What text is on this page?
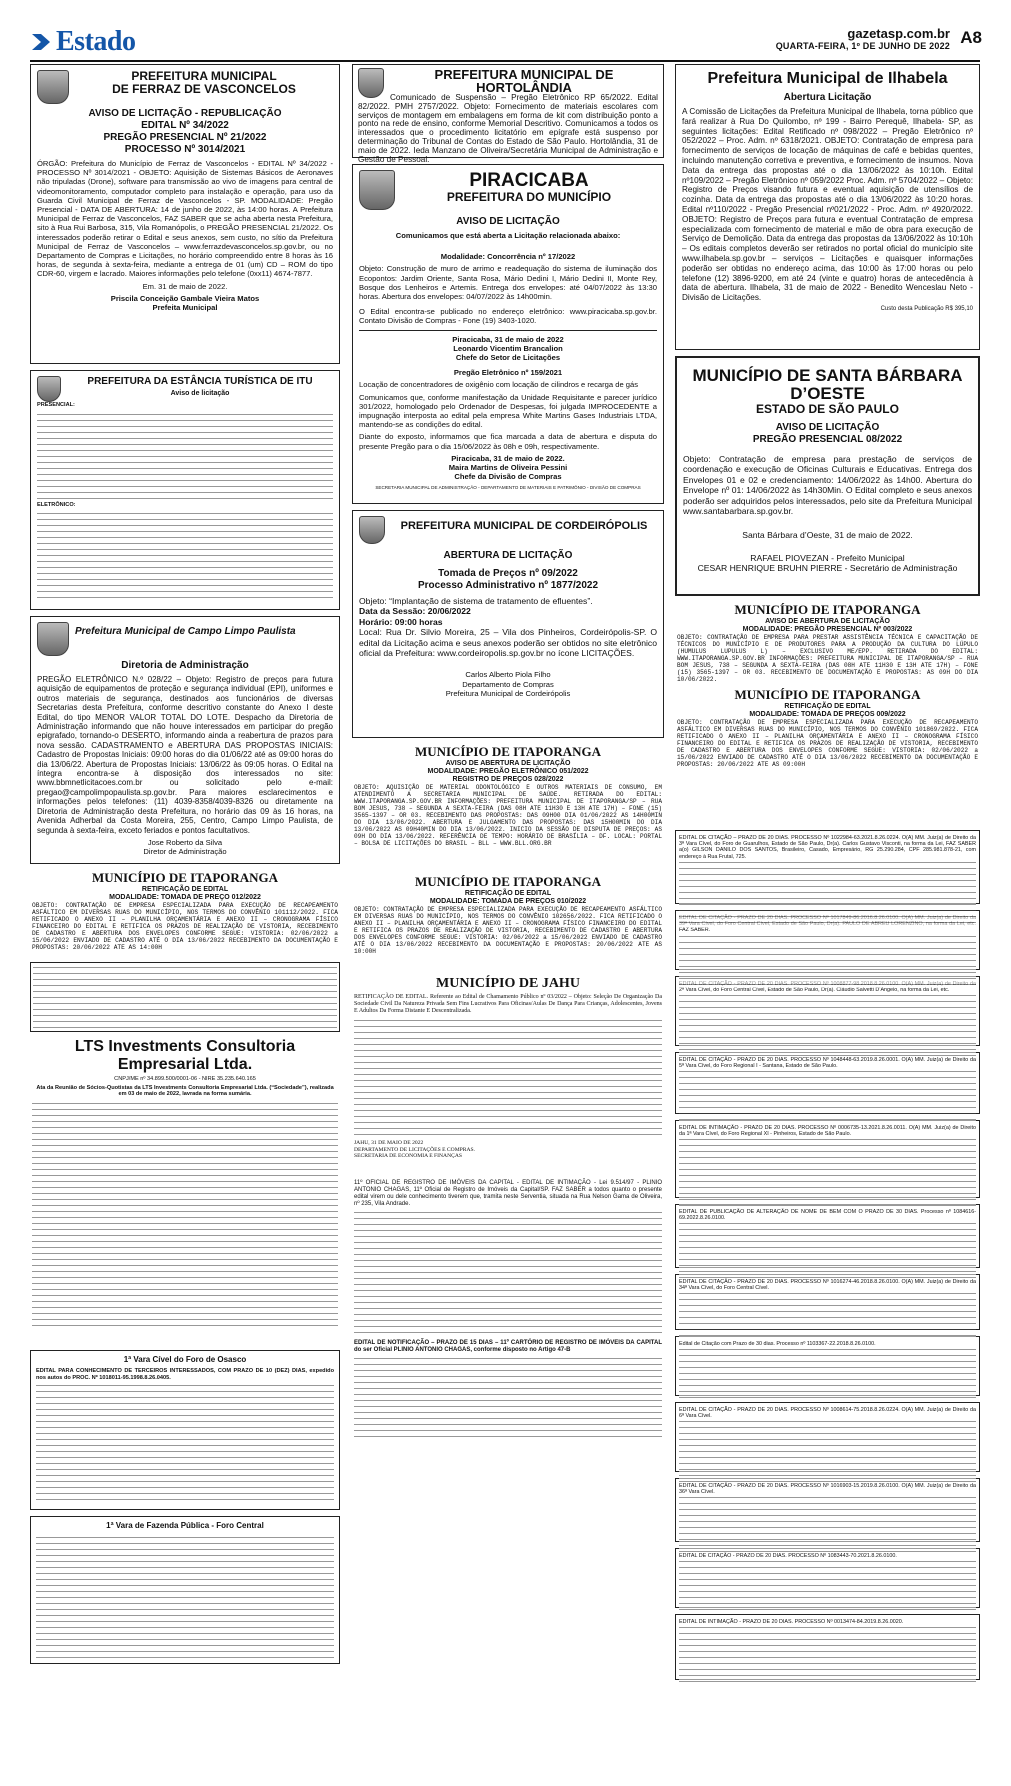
Estado	gazetasp.com.br
QUARTA-FEIRA, 1º DE JUNHO DE 2022 A8
PREFEITURA MUNICIPAL
DE FERRAZ DE VASCONCELOS
AVISO DE LICITAÇÃO - REPUBLICAÇÃO
EDITAL Nº 34/2022
PREGÃO PRESENCIAL Nº 21/2022
PROCESSO Nº 3014/2021
ÓRGÃO: Prefeitura do Município de Ferraz de Vasconcelos - EDITAL Nº 34/2022 - PROCESSO Nº 3014/2021 - OBJETO: Aquisição de Sistemas Básicos de Aeronaves não tripuladas (Drone), software para transmissão ao vivo de imagens para central de videomonitoramento, computador completo para instalação e operação, para uso da Guarda Civil Municipal de Ferraz de Vasconcelos - SP. MODALIDADE: Pregão Presencial - DATA DE ABERTURA: 14 de junho de 2022, às 14:00 horas. A Prefeitura Municipal de Ferraz de Vasconcelos, FAZ SABER que se acha aberta nesta Prefeitura, sito à Rua Rui Barbosa, 315, Vila Romanópolis, o PREGÃO PRESENCIAL 21/2022. Os interessados poderão retirar o Edital e seus anexos, sem custo, no sítio da Prefeitura Municipal de Ferraz de Vasconcelos – www.ferrazdevasconcelos.sp.gov.br, ou no Departamento de Compras e Licitações, no horário compreendido entre 8 horas às 16 horas, de segunda à sexta-feira, mediante a entrega de 01 (um) CD – ROM do tipo CDR-60, virgem e lacrado. Maiores informações pelo telefone (0xx11) 4674-7877.
Em. 31 de maio de 2022.
Priscila Conceição Gambale Vieira Matos
Prefeita Municipal
PREFEITURA DA ESTÂNCIA TURÍSTICA DE ITU
Aviso de licitação
PRESENCIAL:
ELETRÔNICO:
Prefeitura Municipal de Campo Limpo Paulista
Diretoria de Administração
PREGÃO ELETRÔNICO N.º 028/22 – Objeto: Registro de preços para futura aquisição de equipamentos de proteção e segurança individual (EPI), uniformes e outros materiais de segurança, destinados aos funcionários de diversas Secretarias desta Prefeitura, conforme descritivo constante do Anexo I deste Edital, do tipo MENOR VALOR TOTAL DO LOTE. Despacho da Diretoria de Administração informando que não houve interessados em participar do pregão epigrafado, tornando-o DESERTO, informando ainda a reabertura de prazos para nova sessão. CADASTRAMENTO e ABERTURA DAS PROPOSTAS INICIAIS: Cadastro de Propostas Iniciais: 09:00 horas do dia 01/06/22 até as 09:00 horas do dia 13/06/22. Abertura de Propostas Iniciais: 13/06/22 às 09:05 horas. O Edital na íntegra encontra-se à disposição dos interessados no site: www.bbmnetlicitacoes.com.br ou solicitado pelo e-mail: pregao@campolimpopaulista.sp.gov.br. Para maiores esclarecimentos e informações pelos telefones: (11) 4039-8358/4039-8326 ou diretamente na Diretoria de Administração desta Prefeitura, no horário das 09 às 16 horas, na Avenida Adherbal da Costa Moreira, 255, Centro, Campo Limpo Paulista, de segunda à sexta-feira, exceto feriados e pontos facultativos.
Jose Roberto da Silva
Diretor de Administração
MUNICÍPIO DE ITAPORANGA
RETIFICAÇÃO DE EDITAL
MODALIDADE: TOMADA DE PREÇO 012/2022
OBJETO: CONTRATAÇÃO DE EMPRESA ESPECIALIZADA PARA EXECUÇÃO DE RECAPEAMENTO ASFÁLTICO EM DIVERSAS RUAS DO MUNICÍPIO, NOS TERMOS DO CONVÊNIO 101112/2022. FICA RETIFICADO O ANEXO II – PLANILHA ORÇAMENTÁRIA E ANEXO II – CRONOGRAMA FÍSICO FINANCEIRO DO EDITAL E RETIFICA OS PRAZOS DE REALIZAÇÃO DE VISTORIA, RECEBIMENTO DE CADASTRO E ABERTURA DOS ENVELOPES CONFORME SEGUE: VISTORIA: 02/06/2022 a 15/06/2022 ENVIADO DE CADASTRO ATÉ O DIA 13/06/2022 RECEBIMENTO DA DOCUMENTAÇÃO E PROPOSTAS: 20/06/2022 ATE AS 14:00H
LTS Investments Consultoria
Empresarial Ltda.
CNPJ/ME nº 34.899.500/0001-06 - NIRE 35.235.640.165
Ata da Reunião de Sócios-Quotistas da LTS Investments Consultoria Empresarial Ltda. (“Sociedade”), realizada em 03 de maio de 2022, lavrada na forma sumária.
1ª Vara Cível do Foro de Osasco
EDITAL PARA CONHECIMENTO DE TERCEIROS INTERESSADOS, COM PRAZO DE 10 (DEZ) DIAS, expedido nos autos do PROC. Nº 1018011-95.1998.8.26.0405.
1ª Vara de Fazenda Pública - Foro Central
PREFEITURA MUNICIPAL DE HORTOLÂNDIA
Comunicado de Suspensão – Pregão Eletrônico RP 65/2022. Edital 82/2022. PMH 2757/2022. Objeto: Fornecimento de materiais escolares com serviços de montagem em embalagens em forma de kit com distribuição ponto a ponto na rede de ensino, conforme Memorial Descritivo. Comunicamos a todos os interessados que o procedimento licitatório em epígrafe está suspenso por determinação do Tribunal de Contas do Estado de São Paulo. Hortolândia, 31 de maio de 2022. Ieda Manzano de Oliveira/Secretária Municipal de Administração e Gestão de Pessoal.
PIRACICABA
PREFEITURA DO MUNICÍPIO
AVISO DE LICITAÇÃO
Comunicamos que está aberta a Licitação relacionada abaixo:
Modalidade: Concorrência nº 17/2022
Objeto: Construção de muro de arrimo e readequação do sistema de iluminação dos Ecopontos: Jardim Oriente, Santa Rosa, Mário Dedini I, Mário Dedini II, Monte Rey, Bosque dos Lenheiros e Artemis. Entrega dos envelopes: até 04/07/2022 às 13:30 horas. Abertura dos envelopes: 04/07/2022 às 14h00min.
O Edital encontra-se publicado no endereço eletrônico: www.piracicaba.sp.gov.br. Contato Divisão de Compras - Fone (19) 3403-1020.
Piracicaba, 31 de maio de 2022
Leonardo Vicentim Brancalion
Chefe do Setor de Licitações
Pregão Eletrônico nº 159/2021
Locação de concentradores de oxigênio com locação de cilindros e recarga de gás
Comunicamos que, conforme manifestação da Unidade Requisitante e parecer jurídico 301/2022, homologado pelo Ordenador de Despesas, foi julgada IMPROCEDENTE a impugnação interposta ao edital pela empresa White Martins Gases Industriais LTDA, mantendo-se as condições do edital.
Diante do exposto, informamos que fica marcada a data de abertura e disputa do presente Pregão para o dia 15/06/2022 às 08h e 09h, respectivamente.
Piracicaba, 31 de maio de 2022.
Maira Martins de Oliveira Pessini
Chefe da Divisão de Compras
SECRETARIA MUNICIPAL DE ADMINISTRAÇÃO - DEPARTAMENTO DE MATERIAIS E PATRIMÔNIO - DIVISÃO DE COMPRAS
PREFEITURA MUNICIPAL DE CORDEIRÓPOLIS
ABERTURA DE LICITAÇÃO
Tomada de Preços nº 09/2022
Processo Administrativo nº 1877/2022
Objeto: “Implantação de sistema de tratamento de efluentes”.
Data da Sessão: 20/06/2022
Horário: 09:00 horas
Local: Rua Dr. Silvio Moreira, 25 – Vila dos Pinheiros, Cordeirópolis-SP. O edital da Licitação acima e seus anexos poderão ser obtidos no site eletrônico oficial da Prefeitura: www.cordeiropolis.sp.gov.br no ícone LICITAÇÕES.
Carlos Alberto Piola Filho
Departamento de Compras
Prefeitura Municipal de Cordeirópolis
MUNICÍPIO DE ITAPORANGA
AVISO DE ABERTURA DE LICITAÇÃO
MODALIDADE: PREGÃO ELETRÔNICO 051/2022
REGISTRO DE PREÇOS 028/2022
OBJETO: AQUISIÇÃO DE MATERIAL ODONTOLÓGICO E OUTROS MATERIAIS DE CONSUMO, EM ATENDIMENTO A SECRETARIA MUNICIPAL DE SAÚDE. RETIRADA DO EDITAL: WWW.ITAPORANGA.SP.GOV.BR INFORMAÇÕES: PREFEITURA MUNICIPAL DE ITAPORANGA/SP – RUA BOM JESUS, 738 – SEGUNDA A SEXTA-FEIRA (DAS 08H ATE 11H30 E 13H ATE 17H) – FONE (15) 3565-1397 – OR 03. RECEBIMENTO DAS PROPOSTAS: DAS 09H00 DIA 01/06/2022 AS 14H00MIN DO DIA 13/06/2022. ABERTURA E JULGAMENTO DAS PROPOSTAS: DAS 15H00MIN DO DIA 13/06/2022 AS 09H40MIN DO DIA 13/06/2022. INICIO DA SESSÃO DE DISPUTA DE PREÇOS: AS 09H DO DIA 13/06/2022. REFERÊNCIA DE TEMPO: HORÁRIO DE BRASÍLIA – DF. LOCAL: PORTAL – BOLSA DE LICITAÇÕES DO BRASIL – BLL – WWW.BLL.ORG.BR
MUNICÍPIO DE ITAPORANGA
RETIFICAÇÃO DE EDITAL
MODALIDADE: TOMADA DE PREÇOS 010/2022
OBJETO: CONTRATAÇÃO DE EMPRESA ESPECIALIZADA PARA EXECUÇÃO DE RECAPEAMENTO ASFÁLTICO EM DIVERSAS RUAS DO MUNICÍPIO, NOS TERMOS DO CONVÊNIO 102656/2022. FICA RETIFICADO O ANEXO II – PLANILHA ORÇAMENTÁRIA E ANEXO II – CRONOGRAMA FÍSICO FINANCEIRO DO EDITAL E RETIFICA OS PRAZOS DE REALIZAÇÃO DE VISTORIA, RECEBIMENTO DE CADASTRO E ABERTURA DOS ENVELOPES CONFORME SEGUE: VISTORIA: 02/06/2022 a 15/06/2022 ENVIADO DE CADASTRO ATÉ O DIA 13/06/2022 RECEBIMENTO DA DOCUMENTAÇÃO E PROPOSTAS: 20/06/2022 ATE AS 10:00H
MUNICÍPIO DE JAHU
RETIFICAÇÃO DE EDITAL. Referente ao Edital de Chamamento Público nº 03/2022 – Objeto: Seleção De Organização Da Sociedade Civil Da Natureza Privada Sem Fins Lucrativos Para Oficinas/Aulas De Dança Para Crianças, Adolescentes, Jovens E Adultos Da Forma Distante E Descentralizada.
JAHU, 31 DE MAIO DE 2022
DEPARTAMENTO DE LICITAÇÕES E COMPRAS.
SECRETARIA DE ECONOMIA E FINANÇAS
11º OFICIAL DE REGISTRO DE IMÓVEIS DA CAPITAL - EDITAL DE INTIMAÇÃO - Lei 9.514/97 - PLINIO ANTONIO CHAGAS, 11º Oficial de Registro de Imóveis da Capital/SP. FAZ SABER a todos quanto o presente edital virem ou dele conhecimento tiverem que, tramita neste Serventia, situada na Rua Nelson Gama de Oliveira, nº 235, Vila Andrade.
EDITAL DE NOTIFICAÇÃO – PRAZO DE 15 DIAS – 11º CARTÓRIO DE REGISTRO DE IMÓVEIS DA CAPITAL do ser Oficial PLINIO ANTONIO CHAGAS, conforme disposto no Artigo 47-B
Prefeitura Municipal de Ilhabela
Abertura Licitação
A Comissão de Licitações da Prefeitura Municipal de Ilhabela, torna público que fará realizar à Rua Do Quilombo, nº 199 - Bairro Perequê, Ilhabela- SP, as seguintes licitações: Edital Retificado nº 098/2022 – Pregão Eletrônico nº 052/2022 – Proc. Adm. nº 6318/2021. OBJETO: Contratação de empresa para fornecimento de serviços de locação de máquinas de café e bebidas quentes, incluindo manutenção corretiva e preventiva, e fornecimento de insumos. Nova Data da entrega das propostas até o dia 13/06/2022 às 10:10h. Edital nº109/2022 – Pregão Eletrônico nº 059/2022 Proc. Adm. nº 5704/2022 – Objeto: Registro de Preços visando futura e eventual aquisição de utensílios de cozinha. Data da entrega das propostas até o dia 13/06/2022 às 10:20 horas. Edital nº110/2022 - Pregão Presencial nº021/2022 - Proc. Adm. nº 4920/2022. OBJETO: Registro de Preços para futura e eventual Contratação de empresa especializada com fornecimento de material e mão de obra para execução de Serviço de Demolição. Data da entrega das propostas da 13/06/2022 às 10:10h – Os editais completos deverão ser retirados no portal oficial do município site www.ilhabela.sp.gov.br – serviços – Licitações e quaisquer informações poderão ser obtidas no endereço acima, das 10:00 às 17:00 horas ou pelo telefone (12) 3896-9200, em até 24 (vinte e quatro) horas de antecedência à data de abertura. Ilhabela, 31 de maio de 2022 - Benedito Wenceslau Neto - Divisão de Licitações.
Custo desta Publicação R$ 395,10
MUNICÍPIO DE SANTA BÁRBARA D’OESTE
ESTADO DE SÃO PAULO
AVISO DE LICITAÇÃO
PREGÃO PRESENCIAL 08/2022
Objeto: Contratação de empresa para prestação de serviços de coordenação e execução de Oficinas Culturais e Educativas. Entrega dos Envelopes 01 e 02 e credenciamento: 14/06/2022 às 14h00. Abertura do Envelope nº 01: 14/06/2022 às 14h30Min. O Edital completo e seus anexos poderão ser adquiridos pelos interessados, pelo site da Prefeitura Municipal www.santabarbara.sp.gov.br.
Santa Bárbara d’Oeste, 31 de maio de 2022.
RAFAEL PIOVEZAN - Prefeito Municipal
CESAR HENRIQUE BRUHN PIERRE - Secretário de Administração
MUNICÍPIO DE ITAPORANGA
AVISO DE ABERTURA DE LICITAÇÃO
MODALIDADE: PREGÃO PRESENCIAL Nº 003/2022
OBJETO: CONTRATAÇÃO DE EMPRESA PARA PRESTAR ASSISTÊNCIA TÉCNICA E CAPACITAÇÃO DE TÉCNICOS DO MUNICÍPIO E DE PRODUTORES PARA A PRODUÇÃO DA CULTURA DO LÚPULO (HUMULUS LUPULUS L) – EXCLUSIVO ME/EPP. RETIRADA DO EDITAL: WWW.ITAPORANGA.SP.GOV.BR INFORMAÇÕES: PREFEITURA MUNICIPAL DE ITAPORANGA/SP – RUA BOM JESUS, 738 – SEGUNDA A SEXTA-FEIRA (DAS 08H ATE 11H30 E 13H ATE 17H) – FONE (15) 3565-1397 – OR 03. RECEBIMENTO DE DOCUMENTAÇÃO E PROPOSTAS: AS 09H DO DIA 10/06/2022.
MUNICÍPIO DE ITAPORANGA
RETIFICAÇÃO DE EDITAL
MODALIDADE: TOMADA DE PREÇOS 009/2022
OBJETO: CONTRATAÇÃO DE EMPRESA ESPECIALIZADA PARA EXECUÇÃO DE RECAPEAMENTO ASFÁLTICO EM DIVERSAS RUAS DO MUNICÍPIO, NOS TERMOS DO CONVÊNIO 101869/2022. FICA RETIFICADO O ANEXO II – PLANILHA ORÇAMENTÁRIA E ANEXO II – CRONOGRAMA FÍSICO FINANCEIRO DO EDITAL E RETIFICA OS PRAZOS DE REALIZAÇÃO DE VISTORIA, RECEBIMENTO DE CADASTRO E ABERTURA DOS ENVELOPES CONFORME SEGUE: VISTORIA: 02/06/2022 a 15/06/2022 ENVIADO DE CADASTRO ATÉ O DIA 13/06/2022 RECEBIMENTO DA DOCUMENTAÇÃO E PROPOSTAS: 20/06/2022 ATE AS 09:00H
EDITAL DE CITAÇÃO – PRAZO DE 20 DIAS. PROCESSO Nº 1022984-63.2021.8.26.0224. O(A) MM. Juiz(a) de Direito da 3ª Vara Cível, do Foro de Guarulhos, Estado de São Paulo, Dr(a). Carlos Gustavo Visconti, na forma da Lei, FAZ SABER a(o) GILSON DANILO DOS SANTOS, Brasileiro, Casado, Empresário, RG 25.290.284, CPF 285.981.878-21, com endereço à Rua Frutal, 725.
FAZ SABER.
2ª Vara Cível, do Foro Central Cível, Estado de São Paulo, Dr(a). Cláudio Salvetti D’Angelo, na forma da Lei, etc.
EDITAL DE CITAÇÃO - PRAZO DE 20 DIAS. PROCESSO Nº 1048448-63.2019.8.26.0001. O(A) MM. Juiz(a) de Direito da 5ª Vara Cível, do Foro Regional I - Santana, Estado de São Paulo.
EDITAL DE INTIMAÇÃO - PRAZO DE 20 DIAS. PROCESSO Nº 0006735-13.2021.8.26.0011. O(A) MM. Juiz(a) de Direito da 1ª Vara Cível, do Foro Regional XI - Pinheiros, Estado de São Paulo.
EDITAL DE PUBLICAÇÃO DE ALTERAÇÃO DE NOME DE BEM COM O PRAZO DE 30 DIAS. Processo nº 1084616-69.2022.8.26.0100.
EDITAL DE CITAÇÃO - PRAZO DE 20 DIAS. PROCESSO Nº 1016274-46.2018.8.26.0100. O(A) MM. Juiz(a) de Direito da 34ª Vara Cível, do Foro Central Cível.
Edital de Citação com Prazo de 30 dias. Processo nº 1103367-22.2018.8.26.0100.
EDITAL DE CITAÇÃO - PRAZO DE 20 DIAS. PROCESSO Nº 1008614-75.2018.8.26.0224. O(A) MM. Juiz(a) de Direito da 6ª Vara Cível.
EDITAL DE CITAÇÃO - PRAZO DE 20 DIAS. PROCESSO Nº 1016903-15.2019.8.26.0100. O(A) MM. Juiz(a) de Direito da 36ª Vara Cível.
EDITAL DE CITAÇÃO - PRAZO DE 20 DIAS. PROCESSO Nº 1083443-70.2021.8.26.0100.
EDITAL DE INTIMAÇÃO - PRAZO DE 20 DIAS. PROCESSO Nº 0013474-84.2019.8.26.0020.
